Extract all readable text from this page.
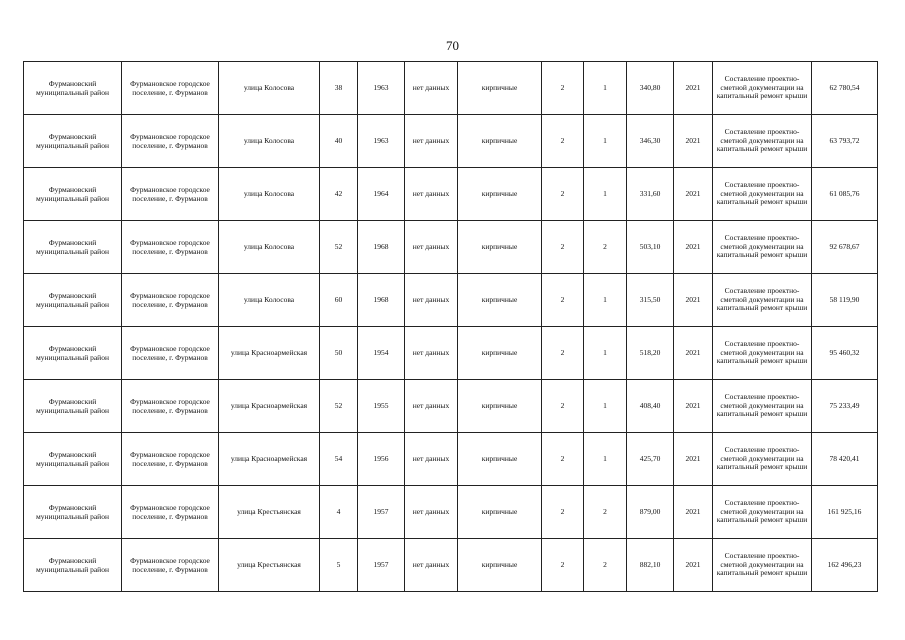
70
Фурмановский муниципальный район	Фурмановское городское поселение, г. Фурманов	улица Колосова	38	1963	нет данных	кирпичные	2	1	340,80	2021	Составление проектно-сметной документации на капитальный ремонт крыши	62 780,54
Фурмановский муниципальный район	Фурмановское городское поселение, г. Фурманов	улица Колосова	40	1963	нет данных	кирпичные	2	1	346,30	2021	Составление проектно-сметной документации на капитальный ремонт крыши	63 793,72
Фурмановский муниципальный район	Фурмановское городское поселение, г. Фурманов	улица Колосова	42	1964	нет данных	кирпичные	2	1	331,60	2021	Составление проектно-сметной документации на капитальный ремонт крыши	61 085,76
Фурмановский муниципальный район	Фурмановское городское поселение, г. Фурманов	улица Колосова	52	1968	нет данных	кирпичные	2	2	503,10	2021	Составление проектно-сметной документации на капитальный ремонт крыши	92 678,67
Фурмановский муниципальный район	Фурмановское городское поселение, г. Фурманов	улица Колосова	60	1968	нет данных	кирпичные	2	1	315,50	2021	Составление проектно-сметной документации на капитальный ремонт крыши	58 119,90
Фурмановский муниципальный район	Фурмановское городское поселение, г. Фурманов	улица Красноармейская	50	1954	нет данных	кирпичные	2	1	518,20	2021	Составление проектно-сметной документации на капитальный ремонт крыши	95 460,32
Фурмановский муниципальный район	Фурмановское городское поселение, г. Фурманов	улица Красноармейская	52	1955	нет данных	кирпичные	2	1	408,40	2021	Составление проектно-сметной документации на капитальный ремонт крыши	75 233,49
Фурмановский муниципальный район	Фурмановское городское поселение, г. Фурманов	улица Красноармейская	54	1956	нет данных	кирпичные	2	1	425,70	2021	Составление проектно-сметной документации на капитальный ремонт крыши	78 420,41
Фурмановский муниципальный район	Фурмановское городское поселение, г. Фурманов	улица Крестьянская	4	1957	нет данных	кирпичные	2	2	879,00	2021	Составление проектно-сметной документации на капитальный ремонт крыши	161 925,16
Фурмановский муниципальный район	Фурмановское городское поселение, г. Фурманов	улица Крестьянская	5	1957	нет данных	кирпичные	2	2	882,10	2021	Составление проектно-сметной документации на капитальный ремонт крыши	162 496,23
